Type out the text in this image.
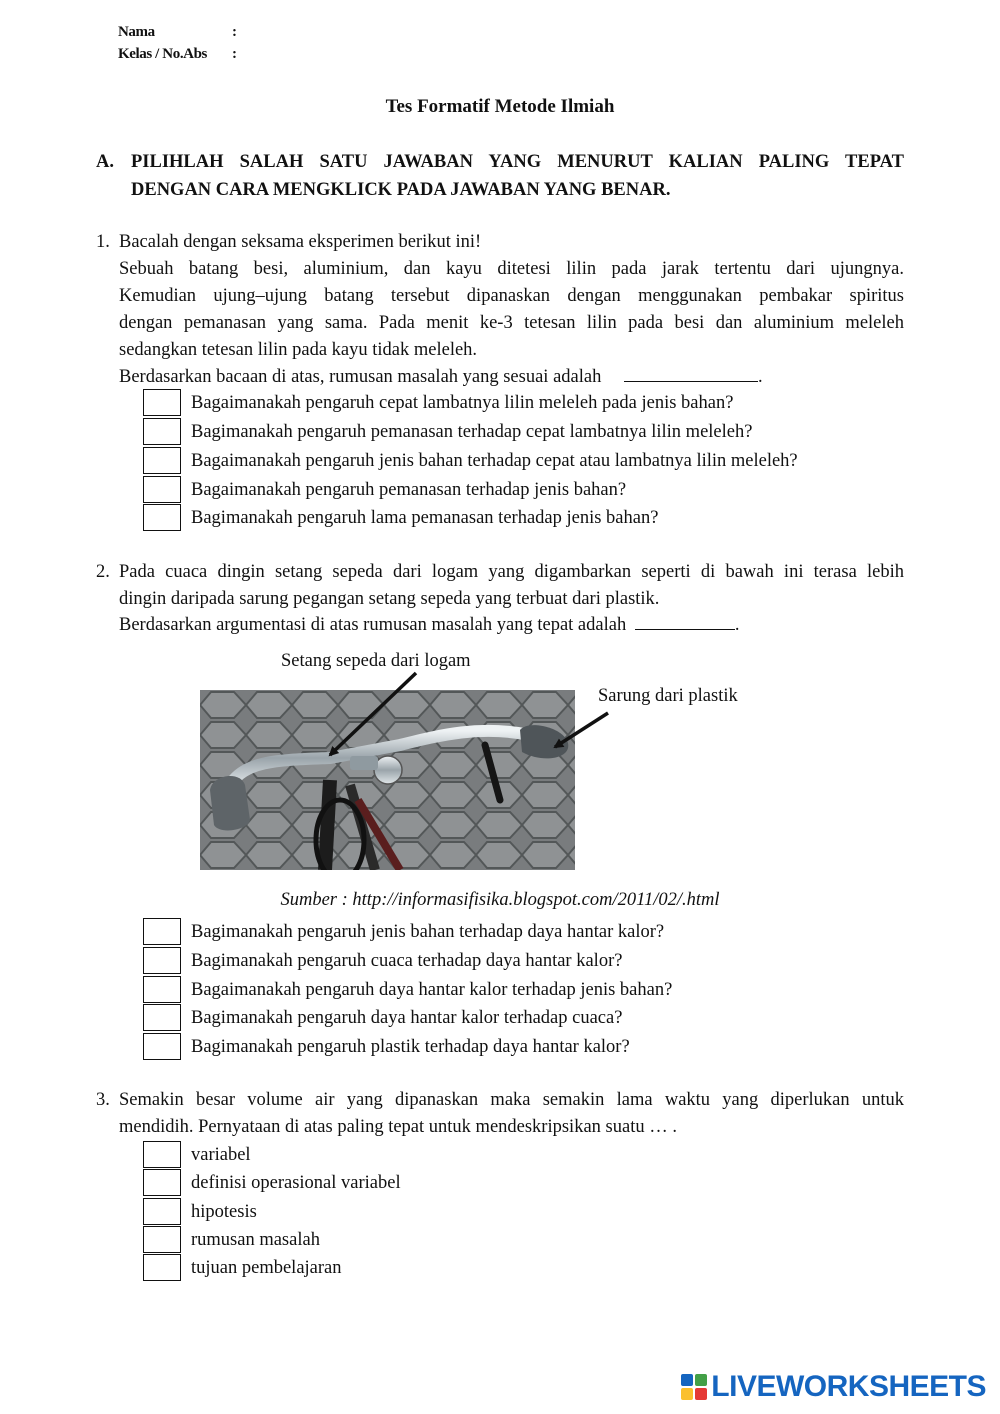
Nama	:
Kelas / No.Abs :
Tes Formatif Metode Ilmiah
A. PILIHLAH SALAH SATU JAWABAN YANG MENURUT KALIAN PALING TEPAT
DENGAN CARA MENGKLICK PADA JAWABAN YANG BENAR.
1. Bacalah dengan seksama eksperimen berikut ini!
Sebuah batang besi, aluminium, dan kayu ditetesi lilin pada jarak tertentu dari ujungnya.
Kemudian ujung–ujung batang tersebut dipanaskan dengan menggunakan pembakar spiritus
dengan pemanasan yang sama. Pada menit ke-3 tetesan lilin pada besi dan aluminium meleleh
sedangkan tetesan lilin pada kayu tidak meleleh.
Berdasarkan bacaan di atas, rumusan masalah yang sesuai adalah	.
Bagaimanakah pengaruh cepat lambatnya lilin meleleh pada jenis bahan?
Bagimanakah pengaruh pemanasan terhadap cepat lambatnya lilin meleleh?
Bagaimanakah pengaruh jenis bahan terhadap cepat atau lambatnya lilin meleleh?
Bagaimanakah pengaruh pemanasan terhadap jenis bahan?
Bagimanakah pengaruh lama pemanasan terhadap jenis bahan?
2. Pada cuaca dingin setang sepeda dari logam yang digambarkan seperti di bawah ini terasa lebih
dingin daripada sarung pegangan setang sepeda yang terbuat dari plastik.
Berdasarkan argumentasi di atas rumusan masalah yang tepat adalah	.
Setang sepeda dari logam
Sarung dari plastik
Sumber : http://informasifisika.blogspot.com/2011/02/.html
Bagimanakah pengaruh jenis bahan terhadap daya hantar kalor?
Bagimanakah pengaruh cuaca terhadap daya hantar kalor?
Bagaimanakah pengaruh daya hantar kalor terhadap jenis bahan?
Bagimanakah pengaruh daya hantar kalor terhadap cuaca?
Bagimanakah pengaruh plastik terhadap daya hantar kalor?
3. Semakin besar volume air yang dipanaskan maka semakin lama waktu yang diperlukan untuk
mendidih. Pernyataan di atas paling tepat untuk mendeskripsikan suatu … .
variabel
definisi operasional variabel
hipotesis
rumusan masalah
tujuan pembelajaran
LIVEWORKSHEETS
